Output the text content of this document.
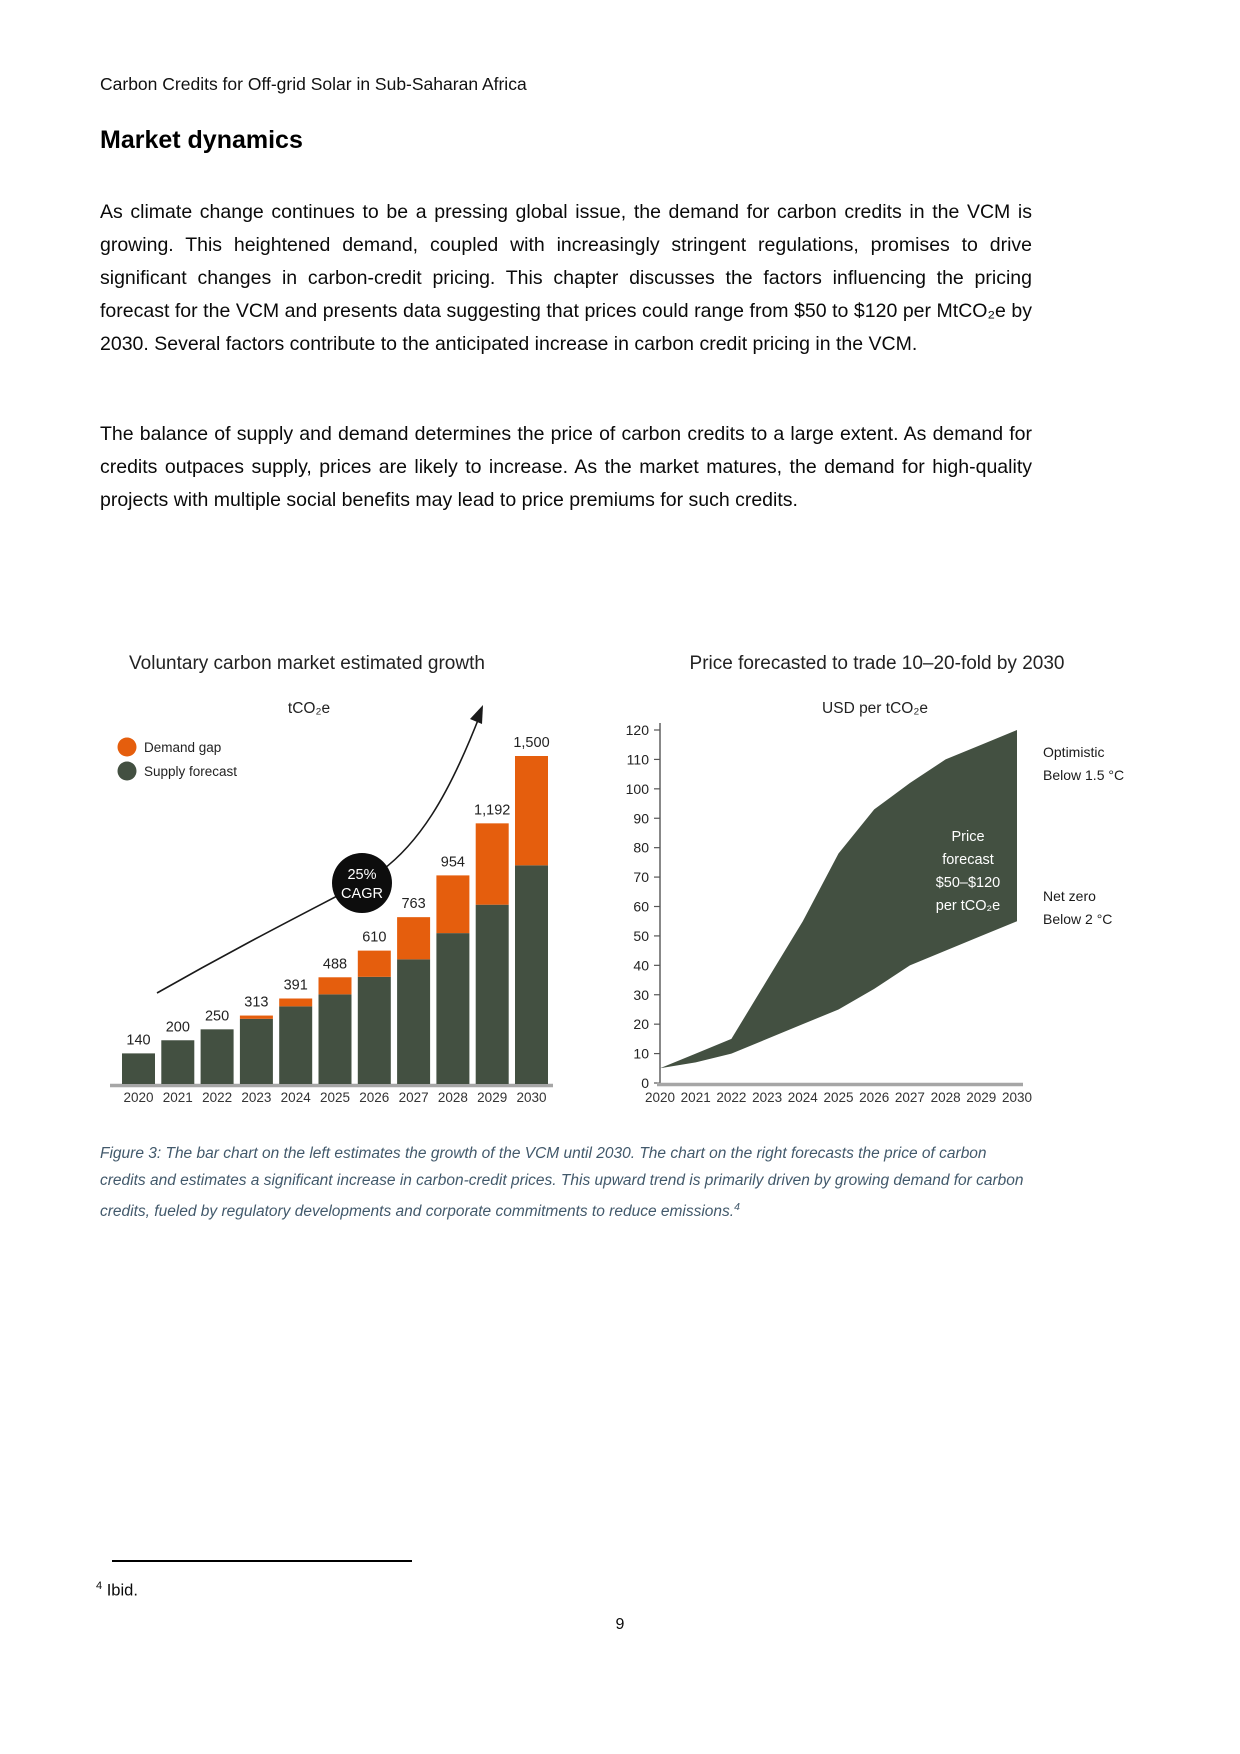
Carbon Credits for Off-grid Solar in Sub-Saharan Africa
Market dynamics

As climate change continues to be a pressing global issue, the demand for carbon credits in the VCM is growing. This heightened demand, coupled with increasingly stringent regulations, promises to drive significant changes in carbon-credit pricing. This chapter discusses the factors influencing the pricing forecast for the VCM and presents data suggesting that prices could range from $50 to $120 per MtCO₂e by 2030. Several factors contribute to the anticipated increase in carbon credit pricing in the VCM.

The balance of supply and demand determines the price of carbon credits to a large extent. As demand for credits outpaces supply, prices are likely to increase. As the market matures, the demand for high-quality projects with multiple social benefits may lead to price premiums for such credits.

Voluntary carbon market estimated growth
tCO₂e
Demand gap
Supply forecast
140
2020
200
2021
250
2022
313
2023
391
2024
488
2025
610
2026
763
2027
954
2028
1,192
2029
1,500
2030
25%
CAGR
Price forecasted to trade 10–20-fold by 2030
USD per tCO₂e
0
10
20
30
40
50
60
70
80
90
100
110
120
2020 2021 2022 2023 2024 2025 2026 2027 2028 2029 2030
Price
forecast
$50–$120
per tCO₂e
Optimistic
Below 1.5 °C
Net zero
Below 2 °C

Figure 3: The bar chart on the left estimates the growth of the VCM until 2030. The chart on the right forecasts the price of carbon credits and estimates a significant increase in carbon-credit prices. This upward trend is primarily driven by growing demand for carbon credits, fueled by regulatory developments and corporate commitments to reduce emissions.$^4$

$^4$ Ibid.

9
